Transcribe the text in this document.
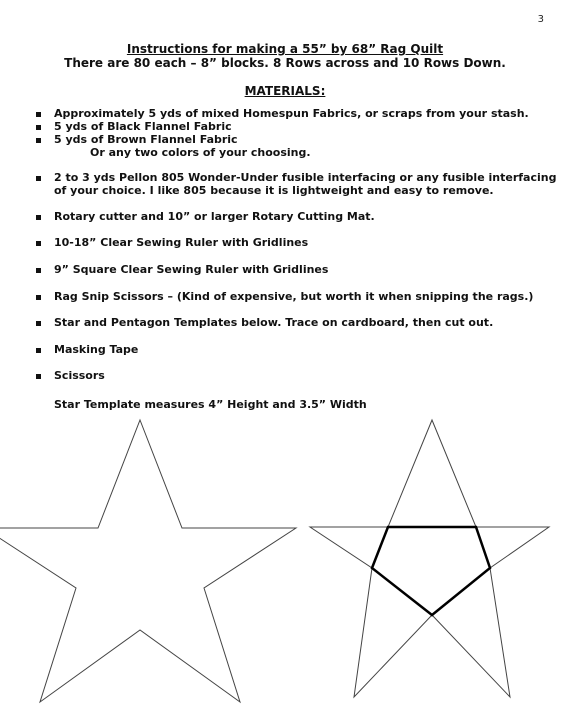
3
Instructions for making a 55” by 68” Rag Quilt
There are 80 each – 8” blocks. 8 Rows across and 10 Rows Down.
MATERIALS:
Approximately 5 yds of mixed Homespun Fabrics, or scraps from your stash.
5 yds of Black Flannel Fabric
5 yds of Brown Flannel Fabric
Or any two colors of your choosing.
2 to 3 yds Pellon 805 Wonder-Under fusible interfacing or any fusible interfacing
of your choice. I like 805 because it is lightweight and easy to remove.
Rotary cutter and 10” or larger Rotary Cutting Mat.
10-18” Clear Sewing Ruler with Gridlines
9” Square Clear Sewing Ruler with Gridlines
Rag Snip Scissors – (Kind of expensive, but worth it when snipping the rags.)
Star and Pentagon Templates below. Trace on cardboard, then cut out.
Masking Tape
Scissors
Star Template measures 4” Height and 3.5” Width
